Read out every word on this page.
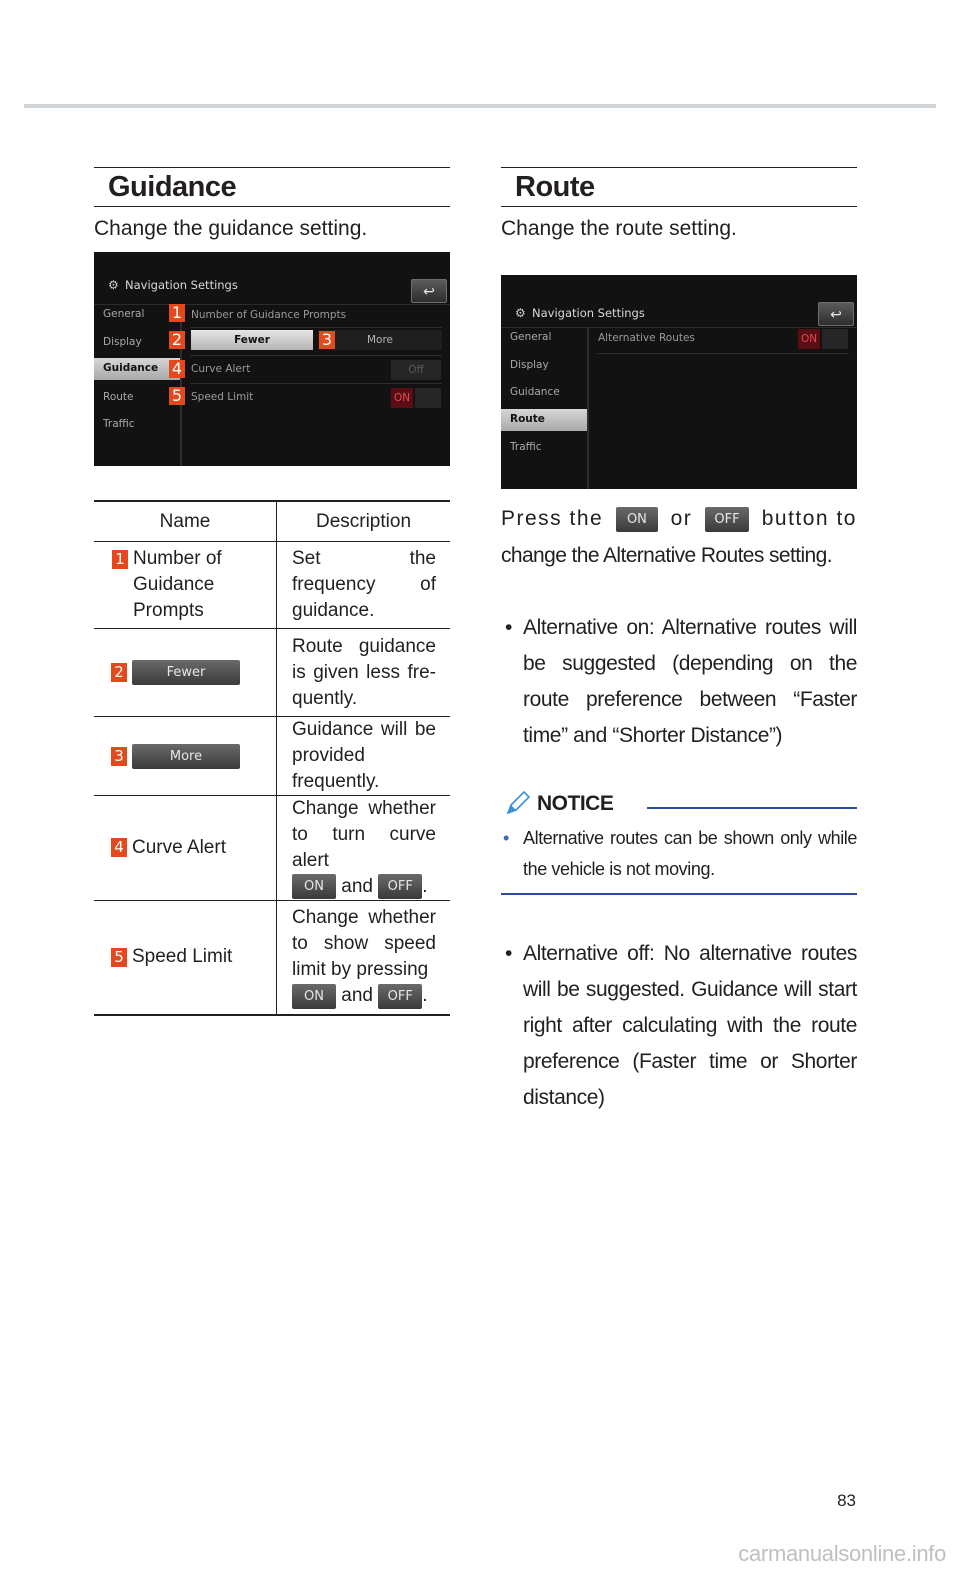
Guidance
Change the guidance setting.
⚙ Navigation Settings	↩
General
Display
Guidance
Route
Traffic
Number of Guidance Prompts
Fewer	More
Curve Alert	Off
Speed Limit	ON
1
2	3
4
5
Name	Description

1 Number of Guidance Prompts	Set the frequency of guidance.
2 Fewer	Route guidance is given less fre-quently.
3 More	Guidance will be provided frequently.
4 Curve Alert	Change whether to turn curve alert
ON and OFF .
5 Speed Limit	Change whether to show speed limit by pressing
ON and OFF .
Route
Change the route setting.
⚙ Navigation Settings	↩
General
Display
Guidance
Route
Traffic
Alternative Routes	ON
Press the	ON	or	OFF	button to
change the Alternative Routes setting.
• Alternative on: Alternative routes will be suggested (depending on the route preference between “Faster time” and “Shorter Distance”)
NOTICE
• Alternative routes can be shown only while the vehicle is not moving.
• Alternative off: No alternative routes will be suggested. Guidance will start right after calculating with the route preference (Faster time or Shorter distance)
83
carmanualsonline.info
